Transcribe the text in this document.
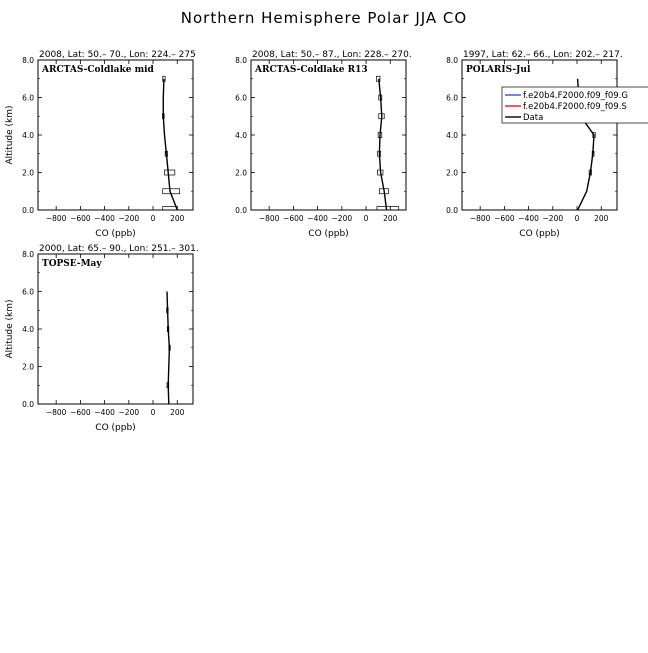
Northern Hemisphere Polar JJA CO
2008, Lat: 50.– 70., Lon: 224.– 275
ARCTAS-Coldlake mid
−800 −600 −400 −200 0 200
0.0
2.0
4.0
6.0
8.0
CO (ppb)
Altitude (km)
2008, Lat: 50.– 87., Lon: 228.– 270.
ARCTAS-Coldlake R13
−800 −600 −400 −200 0 200
0.0
2.0
4.0
6.0
8.0
CO (ppb)
1997, Lat: 62.– 66., Lon: 202.– 217.
POLARIS-Jul
−800 −600 −400 −200 0 200
0.0
2.0
4.0
6.0
8.0
CO (ppb)
f.e20b4.F2000.f09_f09.G
f.e20b4.F2000.f09_f09.S
Data
2000, Lat: 65.– 90., Lon: 251.– 301.
TOPSE-May
−800 −600 −400 −200 0 200
0.0
2.0
4.0
6.0
8.0
CO (ppb)
Altitude (km)
